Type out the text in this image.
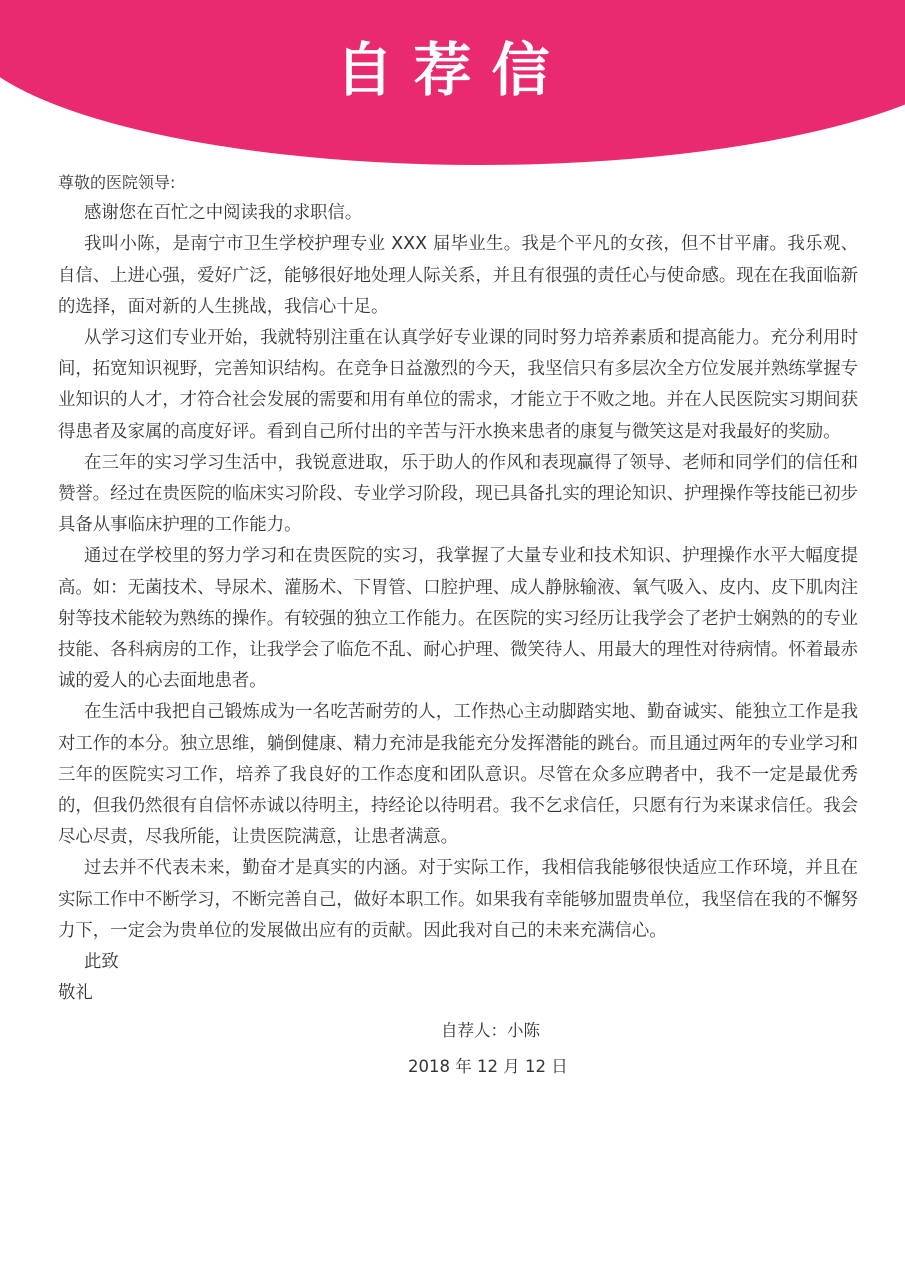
自荐信

尊敬的医院领导:

感谢您在百忙之中阅读我的求职信。

我叫小陈，是南宁市卫生学校护理专业 XXX 届毕业生。我是个平凡的女孩，但不甘平庸。我乐观、自信、上进心强，爱好广泛，能够很好地处理人际关系，并且有很强的责任心与使命感。现在在我面临新的选择，面对新的人生挑战，我信心十足。

从学习这们专业开始，我就特别注重在认真学好专业课的同时努力培养素质和提高能力。充分利用时间，拓宽知识视野，完善知识结构。在竞争日益激烈的今天，我坚信只有多层次全方位发展并熟练掌握专业知识的人才，才符合社会发展的需要和用有单位的需求，才能立于不败之地。并在人民医院实习期间获得患者及家属的高度好评。看到自己所付出的辛苦与汗水换来患者的康复与微笑这是对我最好的奖励。

在三年的实习学习生活中，我锐意进取，乐于助人的作风和表现赢得了领导、老师和同学们的信任和赞誉。经过在贵医院的临床实习阶段、专业学习阶段，现已具备扎实的理论知识、护理操作等技能已初步具备从事临床护理的工作能力。

通过在学校里的努力学习和在贵医院的实习，我掌握了大量专业和技术知识、护理操作水平大幅度提高。如：无菌技术、导尿术、灌肠术、下胃管、口腔护理、成人静脉输液、氧气吸入、皮内、皮下肌肉注射等技术能较为熟练的操作。有较强的独立工作能力。在医院的实习经历让我学会了老护士娴熟的的专业技能、各科病房的工作，让我学会了临危不乱、耐心护理、微笑待人、用最大的理性对待病情。怀着最赤诚的爱人的心去面地患者。

在生活中我把自己锻炼成为一名吃苦耐劳的人，工作热心主动脚踏实地、勤奋诚实、能独立工作是我对工作的本分。独立思维，躺倒健康、精力充沛是我能充分发挥潜能的跳台。而且通过两年的专业学习和三年的医院实习工作，培养了我良好的工作态度和团队意识。尽管在众多应聘者中，我不一定是最优秀的，但我仍然很有自信怀赤诚以待明主，持经论以待明君。我不乞求信任，只愿有行为来谋求信任。我会尽心尽责，尽我所能，让贵医院满意，让患者满意。

过去并不代表未来，勤奋才是真实的内涵。对于实际工作，我相信我能够很快适应工作环境，并且在实际工作中不断学习，不断完善自己，做好本职工作。如果我有幸能够加盟贵单位，我坚信在我的不懈努力下，一定会为贵单位的发展做出应有的贡献。因此我对自己的未来充满信心。

此致

敬礼

自荐人：小陈
2018 年 12 月 12 日
